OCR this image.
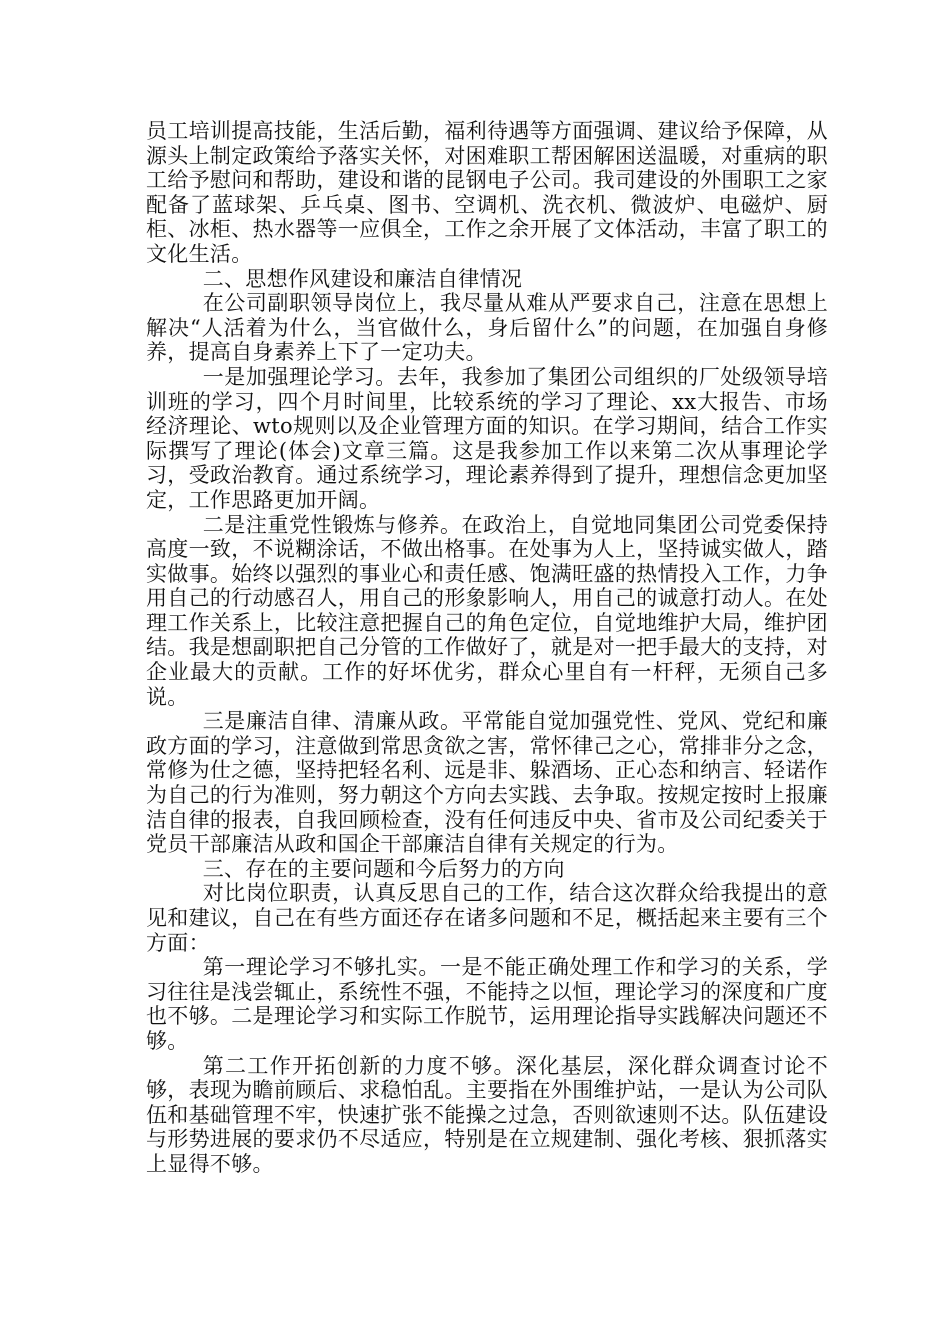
员工培训提高技能，生活后勤，福利待遇等方面强调、建议给予保障，从源头上制定政策给予落实关怀，对困难职工帮困解困送温暖，对重病的职工给予慰问和帮助，建设和谐的昆钢电子公司。我司建设的外围职工之家配备了蓝球架、乒乓桌、图书、空调机、洗衣机、微波炉、电磁炉、厨柜、冰柜、热水器等一应俱全，工作之余开展了文体活动，丰富了职工的文化生活。

二、思想作风建设和廉洁自律情况

在公司副职领导岗位上，我尽量从难从严要求自己，注意在思想上解决“人活着为什么，当官做什么，身后留什么”的问题，在加强自身修养，提高自身素养上下了一定功夫。

一是加强理论学习。去年，我参加了集团公司组织的厂处级领导培训班的学习，四个月时间里，比较系统的学习了理论、xx大报告、市场经济理论、wto规则以及企业管理方面的知识。在学习期间，结合工作实际撰写了理论(体会)文章三篇。这是我参加工作以来第二次从事理论学习，受政治教育。通过系统学习，理论素养得到了提升，理想信念更加坚定，工作思路更加开阔。

二是注重党性锻炼与修养。在政治上，自觉地同集团公司党委保持高度一致，不说糊涂话，不做出格事。在处事为人上，坚持诚实做人，踏实做事。始终以强烈的事业心和责任感、饱满旺盛的热情投入工作，力争用自己的行动感召人，用自己的形象影响人，用自己的诚意打动人。在处理工作关系上，比较注意把握自己的角色定位，自觉地维护大局，维护团结。我是想副职把自己分管的工作做好了，就是对一把手最大的支持，对企业最大的贡献。工作的好坏优劣，群众心里自有一杆秤，无须自己多说。

三是廉洁自律、清廉从政。平常能自觉加强党性、党风、党纪和廉政方面的学习，注意做到常思贪欲之害，常怀律己之心，常排非分之念，常修为仕之德，坚持把轻名利、远是非、躲酒场、正心态和纳言、轻诺作为自己的行为准则，努力朝这个方向去实践、去争取。按规定按时上报廉洁自律的报表，自我回顾检查，没有任何违反中央、省市及公司纪委关于党员干部廉洁从政和国企干部廉洁自律有关规定的行为。

三、存在的主要问题和今后努力的方向

对比岗位职责，认真反思自己的工作，结合这次群众给我提出的意见和建议，自己在有些方面还存在诸多问题和不足，概括起来主要有三个方面：

第一理论学习不够扎实。一是不能正确处理工作和学习的关系，学习往往是浅尝辄止，系统性不强，不能持之以恒，理论学习的深度和广度也不够。二是理论学习和实际工作脱节，运用理论指导实践解决问题还不够。

第二工作开拓创新的力度不够。深化基层，深化群众调查讨论不够，表现为瞻前顾后、求稳怕乱。主要指在外围维护站，一是认为公司队伍和基础管理不牢，快速扩张不能操之过急，否则欲速则不达。队伍建设与形势进展的要求仍不尽适应，特别是在立规建制、强化考核、狠抓落实上显得不够。
